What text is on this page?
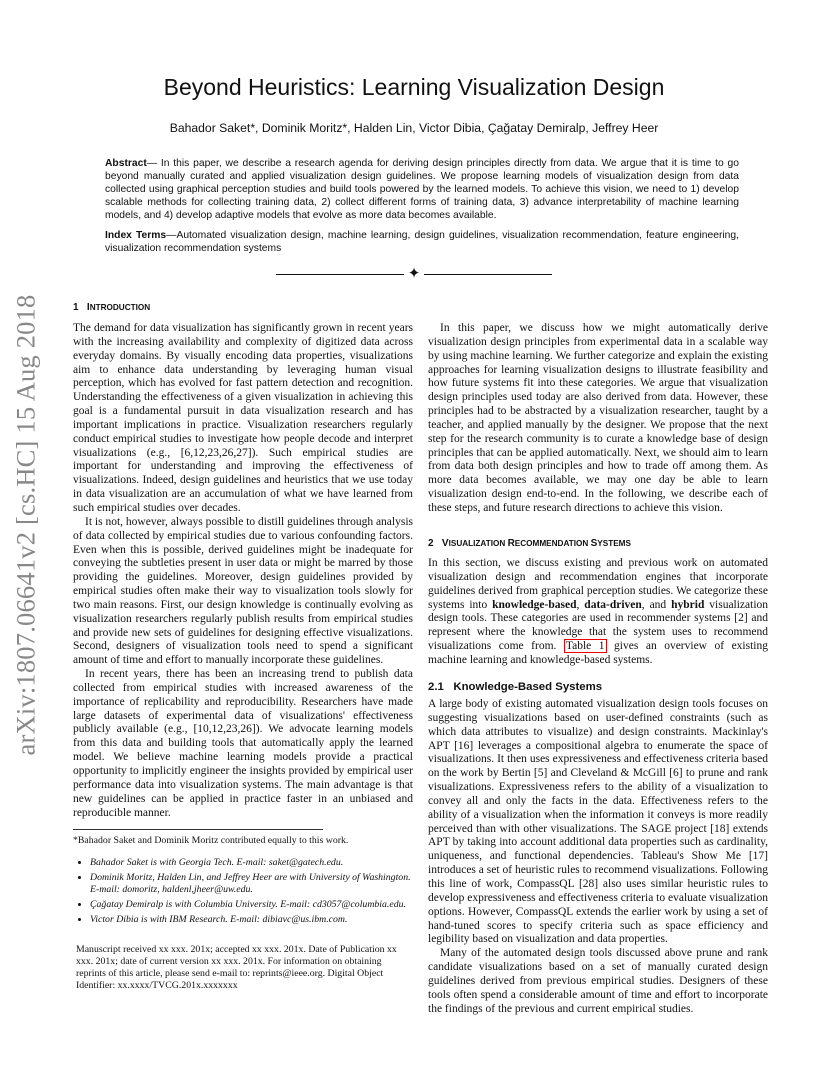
arXiv:1807.06641v2 [cs.HC] 15 Aug 2018
Beyond Heuristics: Learning Visualization Design
Bahador Saket*, Dominik Moritz*, Halden Lin, Victor Dibia, Çağatay Demiralp, Jeffrey Heer
Abstract— In this paper, we describe a research agenda for deriving design principles directly from data. We argue that it is time to go beyond manually curated and applied visualization design guidelines. We propose learning models of visualization design from data collected using graphical perception studies and build tools powered by the learned models. To achieve this vision, we need to 1) develop scalable methods for collecting training data, 2) collect different forms of training data, 3) advance interpretability of machine learning models, and 4) develop adaptive models that evolve as more data becomes available.
Index Terms—Automated visualization design, machine learning, design guidelines, visualization recommendation, feature engineering, visualization recommendation systems
✦
1 INTRODUCTION

The demand for data visualization has significantly grown in recent years with the increasing availability and complexity of digitized data across everyday domains. By visually encoding data properties, visualizations aim to enhance data understanding by leveraging human visual perception, which has evolved for fast pattern detection and recognition. Understanding the effectiveness of a given visualization in achieving this goal is a fundamental pursuit in data visualization research and has important implications in practice. Visualization researchers regularly conduct empirical studies to investigate how people decode and interpret visualizations (e.g., [6,12,23,26,27]). Such empirical studies are important for understanding and improving the effectiveness of visualizations. Indeed, design guidelines and heuristics that we use today in data visualization are an accumulation of what we have learned from such empirical studies over decades.

It is not, however, always possible to distill guidelines through analysis of data collected by empirical studies due to various confounding factors. Even when this is possible, derived guidelines might be inadequate for conveying the subtleties present in user data or might be marred by those providing the guidelines. Moreover, design guidelines provided by empirical studies often make their way to visualization tools slowly for two main reasons. First, our design knowledge is continually evolving as visualization researchers regularly publish results from empirical studies and provide new sets of guidelines for designing effective visualizations. Second, designers of visualization tools need to spend a significant amount of time and effort to manually incorporate these guidelines.

In recent years, there has been an increasing trend to publish data collected from empirical studies with increased awareness of the importance of replicability and reproducibility. Researchers have made large datasets of experimental data of visualizations' effectiveness publicly available (e.g., [10,12,23,26]). We advocate learning models from this data and building tools that automatically apply the learned model. We believe machine learning models provide a practical opportunity to implicitly engineer the insights provided by empirical user performance data into visualization systems. The main advantage is that new guidelines can be applied in practice faster in an unbiased and reproducible manner.

*Bahador Saket and Dominik Moritz contributed equally to this work.
• Bahador Saket is with Georgia Tech. E-mail: saket@gatech.edu.
• Dominik Moritz, Halden Lin, and Jeffrey Heer are with University of Washington. E-mail: domoritz, haldenl,jheer@uw.edu.
• Çağatay Demiralp is with Columbia University. E-mail: cd3057@columbia.edu.
• Victor Dibia is with IBM Research. E-mail: dibiavc@us.ibm.com.
Manuscript received xx xxx. 201x; accepted xx xxx. 201x. Date of Publication xx xxx. 201x; date of current version xx xxx. 201x. For information on obtaining reprints of this article, please send e-mail to: reprints@ieee.org. Digital Object Identifier: xx.xxxx/TVCG.201x.xxxxxxx

In this paper, we discuss how we might automatically derive visualization design principles from experimental data in a scalable way by using machine learning. We further categorize and explain the existing approaches for learning visualization designs to illustrate feasibility and how future systems fit into these categories. We argue that visualization design principles used today are also derived from data. However, these principles had to be abstracted by a visualization researcher, taught by a teacher, and applied manually by the designer. We propose that the next step for the research community is to curate a knowledge base of design principles that can be applied automatically. Next, we should aim to learn from data both design principles and how to trade off among them. As more data becomes available, we may one day be able to learn visualization design end-to-end. In the following, we describe each of these steps, and future research directions to achieve this vision.

2 VISUALIZATION RECOMMENDATION SYSTEMS

In this section, we discuss existing and previous work on automated visualization design and recommendation engines that incorporate guidelines derived from graphical perception studies. We categorize these systems into knowledge-based, data-driven, and hybrid visualization design tools. These categories are used in recommender systems [2] and represent where the knowledge that the system uses to recommend visualizations come from. Table 1 gives an overview of existing machine learning and knowledge-based systems.

2.1 Knowledge-Based Systems

A large body of existing automated visualization design tools focuses on suggesting visualizations based on user-defined constraints (such as which data attributes to visualize) and design constraints. Mackinlay's APT [16] leverages a compositional algebra to enumerate the space of visualizations. It then uses expressiveness and effectiveness criteria based on the work by Bertin [5] and Cleveland & McGill [6] to prune and rank visualizations. Expressiveness refers to the ability of a visualization to convey all and only the facts in the data. Effectiveness refers to the ability of a visualization when the information it conveys is more readily perceived than with other visualizations. The SAGE project [18] extends APT by taking into account additional data properties such as cardinality, uniqueness, and functional dependencies. Tableau's Show Me [17] introduces a set of heuristic rules to recommend visualizations. Following this line of work, CompassQL [28] also uses similar heuristic rules to develop expressiveness and effectiveness criteria to evaluate visualization options. However, CompassQL extends the earlier work by using a set of hand-tuned scores to specify criteria such as space efficiency and legibility based on visualization and data properties.

Many of the automated design tools discussed above prune and rank candidate visualizations based on a set of manually curated design guidelines derived from previous empirical studies. Designers of these tools often spend a considerable amount of time and effort to incorporate the findings of the previous and current empirical studies.
